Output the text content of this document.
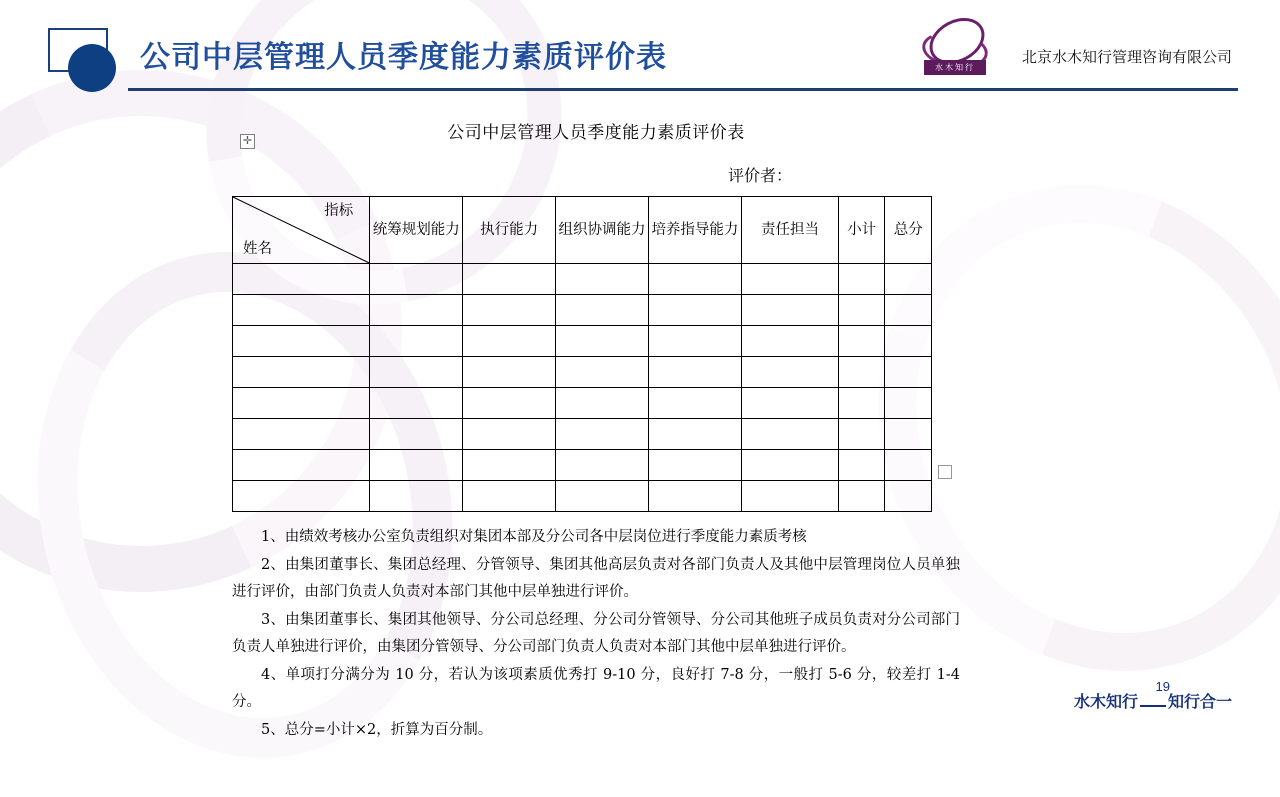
公司中层管理人员季度能力素质评价表	水木知行
北京水木知行管理咨询有限公司
✛	公司中层管理人员季度能力素质评价表
评价者：
指标
姓名	统筹规划能力	执行能力	组织协调能力	培养指导能力	责任担当	小计	总分

1、由绩效考核办公室负责组织对集团本部及分公司各中层岗位进行季度能力素质考核

2、由集团董事长、集团总经理、分管领导、集团其他高层负责对各部门负责人及其他中层管理岗位人员单独进行评价，由部门负责人负责对本部门其他中层单独进行评价。

3、由集团董事长、集团其他领导、分公司总经理、分公司分管领导、分公司其他班子成员负责对分公司部门负责人单独进行评价，由集团分管领导、分公司部门负责人负责对本部门其他中层单独进行评价。

4、单项打分满分为 10 分，若认为该项素质优秀打 9-10 分，良好打 7-8 分，一般打 5-6 分，较差打 1-4 分。

5、总分=小计×2，折算为百分制。

19
水木知行 知行合一
